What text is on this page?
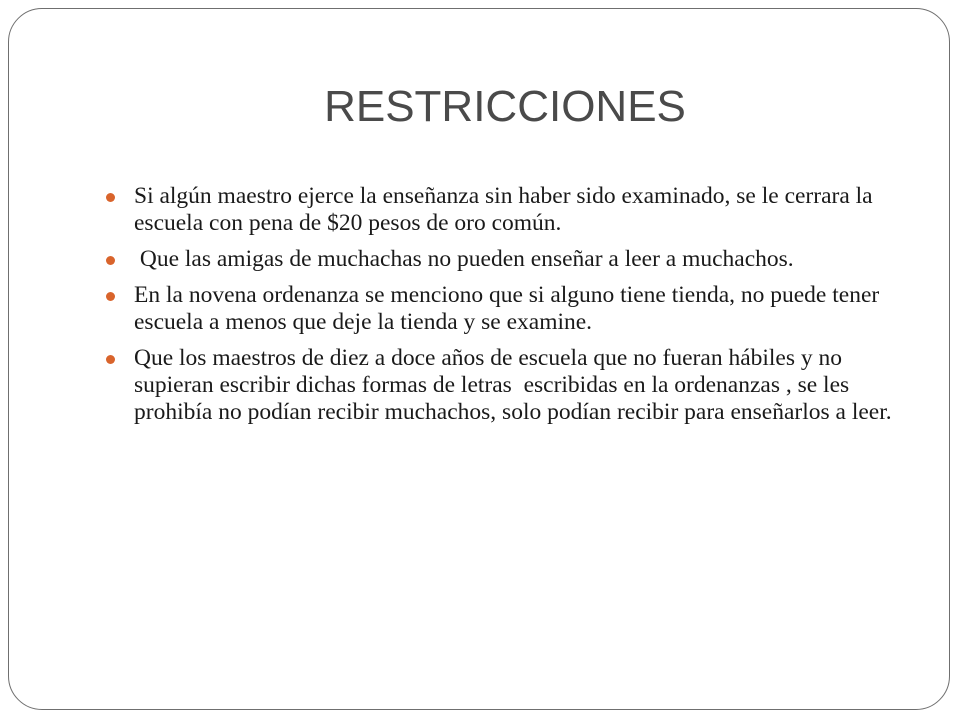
RESTRICCIONES
Si algún maestro ejerce la enseñanza sin haber sido examinado, se le cerrara la escuela con pena de $20 pesos de oro común.
Que las amigas de muchachas no pueden enseñar a leer a muchachos.
En la novena ordenanza se menciono que si alguno tiene tienda, no puede tener escuela a menos que deje la tienda y se examine.
Que los maestros de diez a doce años de escuela que no fueran hábiles y no supieran escribir dichas formas de letras  escribidas en la ordenanzas , se les prohibía no podían recibir muchachos, solo podían recibir para enseñarlos a leer.
